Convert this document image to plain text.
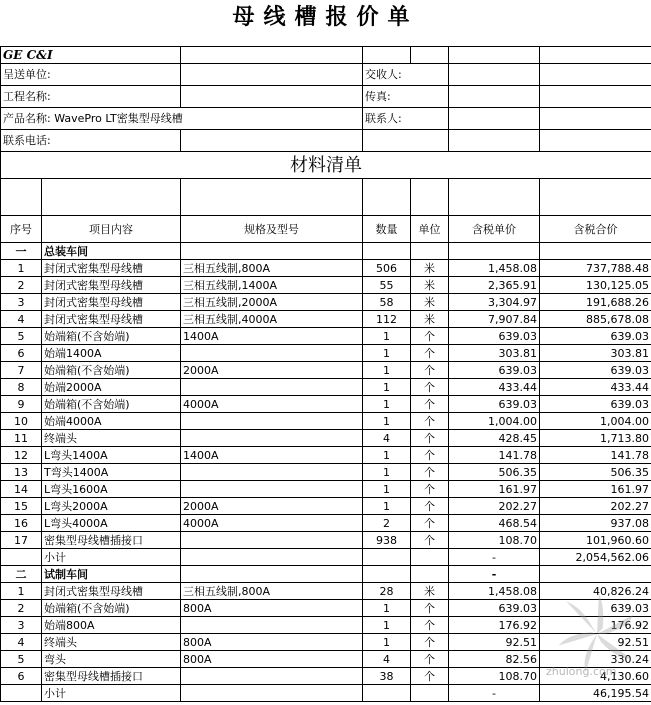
母线槽报价单
GE C&I						
呈送单位:			交收人:			
工程名称:			传真:			
产品名称: WavePro LT密集型母线槽			联系人:			
联系电话:						
材料清单						

序号	项目内容	规格及型号	数量	单位	含税单价	含税合价
一	总装车间					
1	封闭式密集型母线槽	三相五线制,800A	506	米	1,458.08	737,788.48
2	封闭式密集型母线槽	三相五线制,1400A	55	米	2,365.91	130,125.05
3	封闭式密集型母线槽	三相五线制,2000A	58	米	3,304.97	191,688.26
4	封闭式密集型母线槽	三相五线制,4000A	112	米	7,907.84	885,678.08
5	始端箱(不含始端)	1400A	1	个	639.03	639.03
6	始端1400A		1	个	303.81	303.81
7	始端箱(不含始端)	2000A	1	个	639.03	639.03
8	始端2000A		1	个	433.44	433.44
9	始端箱(不含始端)	4000A	1	个	639.03	639.03
10	始端4000A		1	个	1,004.00	1,004.00
11	终端头		4	个	428.45	1,713.80
12	L弯头1400A	1400A	1	个	141.78	141.78
13	T弯头1400A		1	个	506.35	506.35
14	L弯头1600A		1	个	161.97	161.97
15	L弯头2000A	2000A	1	个	202.27	202.27
16	L弯头4000A	4000A	2	个	468.54	937.08
17	密集型母线槽插接口		938	个	108.70	101,960.60
	小计				-	2,054,562.06
二	试制车间				-	
1	封闭式密集型母线槽	三相五线制,800A	28	米	1,458.08	40,826.24
2	始端箱(不含始端)	800A	1	个	639.03	639.03
3	始端800A		1	个	176.92	176.92
4	终端头	800A	1	个	92.51	92.51
5	弯头	800A	4	个	82.56	330.24
6	密集型母线槽插接口		38	个	108.70	4,130.60
	小计				-	46,195.54
zhulong.com
